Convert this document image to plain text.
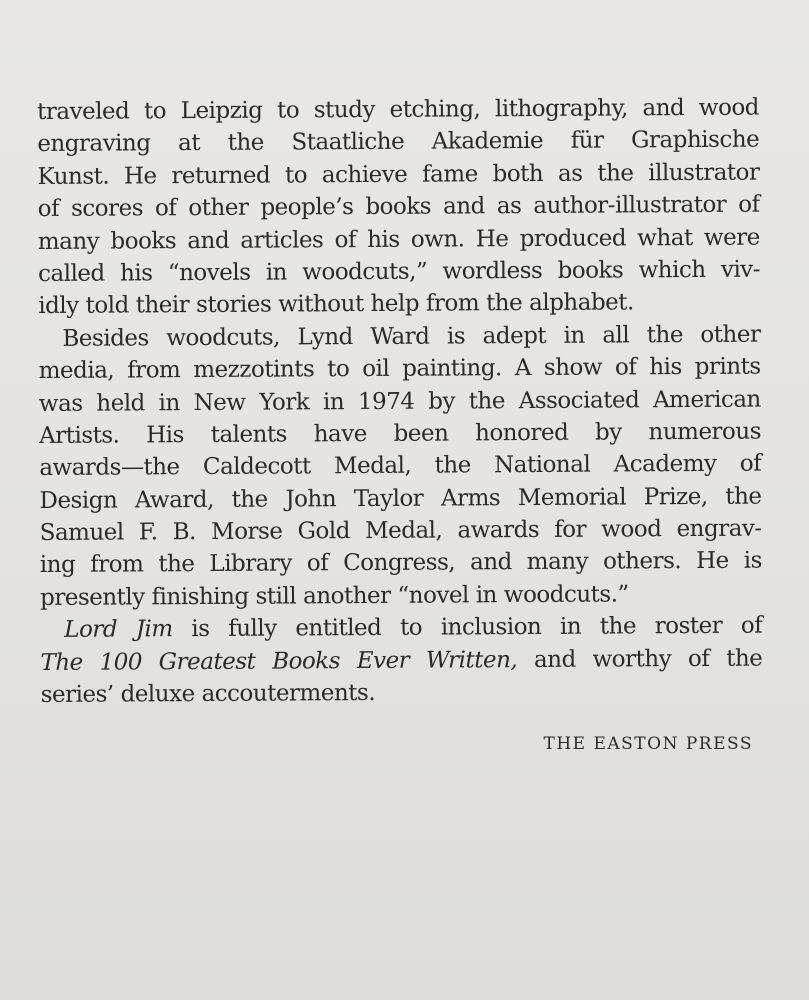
traveled to Leipzig to study etching, lithography, and wood
engraving at the Staatliche Akademie für Graphische
Kunst. He returned to achieve fame both as the illustrator
of scores of other people’s books and as author-illustrator of
many books and articles of his own. He produced what were
called his “novels in woodcuts,” wordless books which viv-
idly told their stories without help from the alphabet.
Besides woodcuts, Lynd Ward is adept in all the other
media, from mezzotints to oil painting. A show of his prints
was held in New York in 1974 by the Associated American
Artists. His talents have been honored by numerous
awards—the Caldecott Medal, the National Academy of
Design Award, the John Taylor Arms Memorial Prize, the
Samuel F. B. Morse Gold Medal, awards for wood engrav-
ing from the Library of Congress, and many others. He is
presently finishing still another “novel in woodcuts.”
Lord Jim is fully entitled to inclusion in the roster of
The 100 Greatest Books Ever Written, and worthy of the
series’ deluxe accouterments.
THE EASTON PRESS
